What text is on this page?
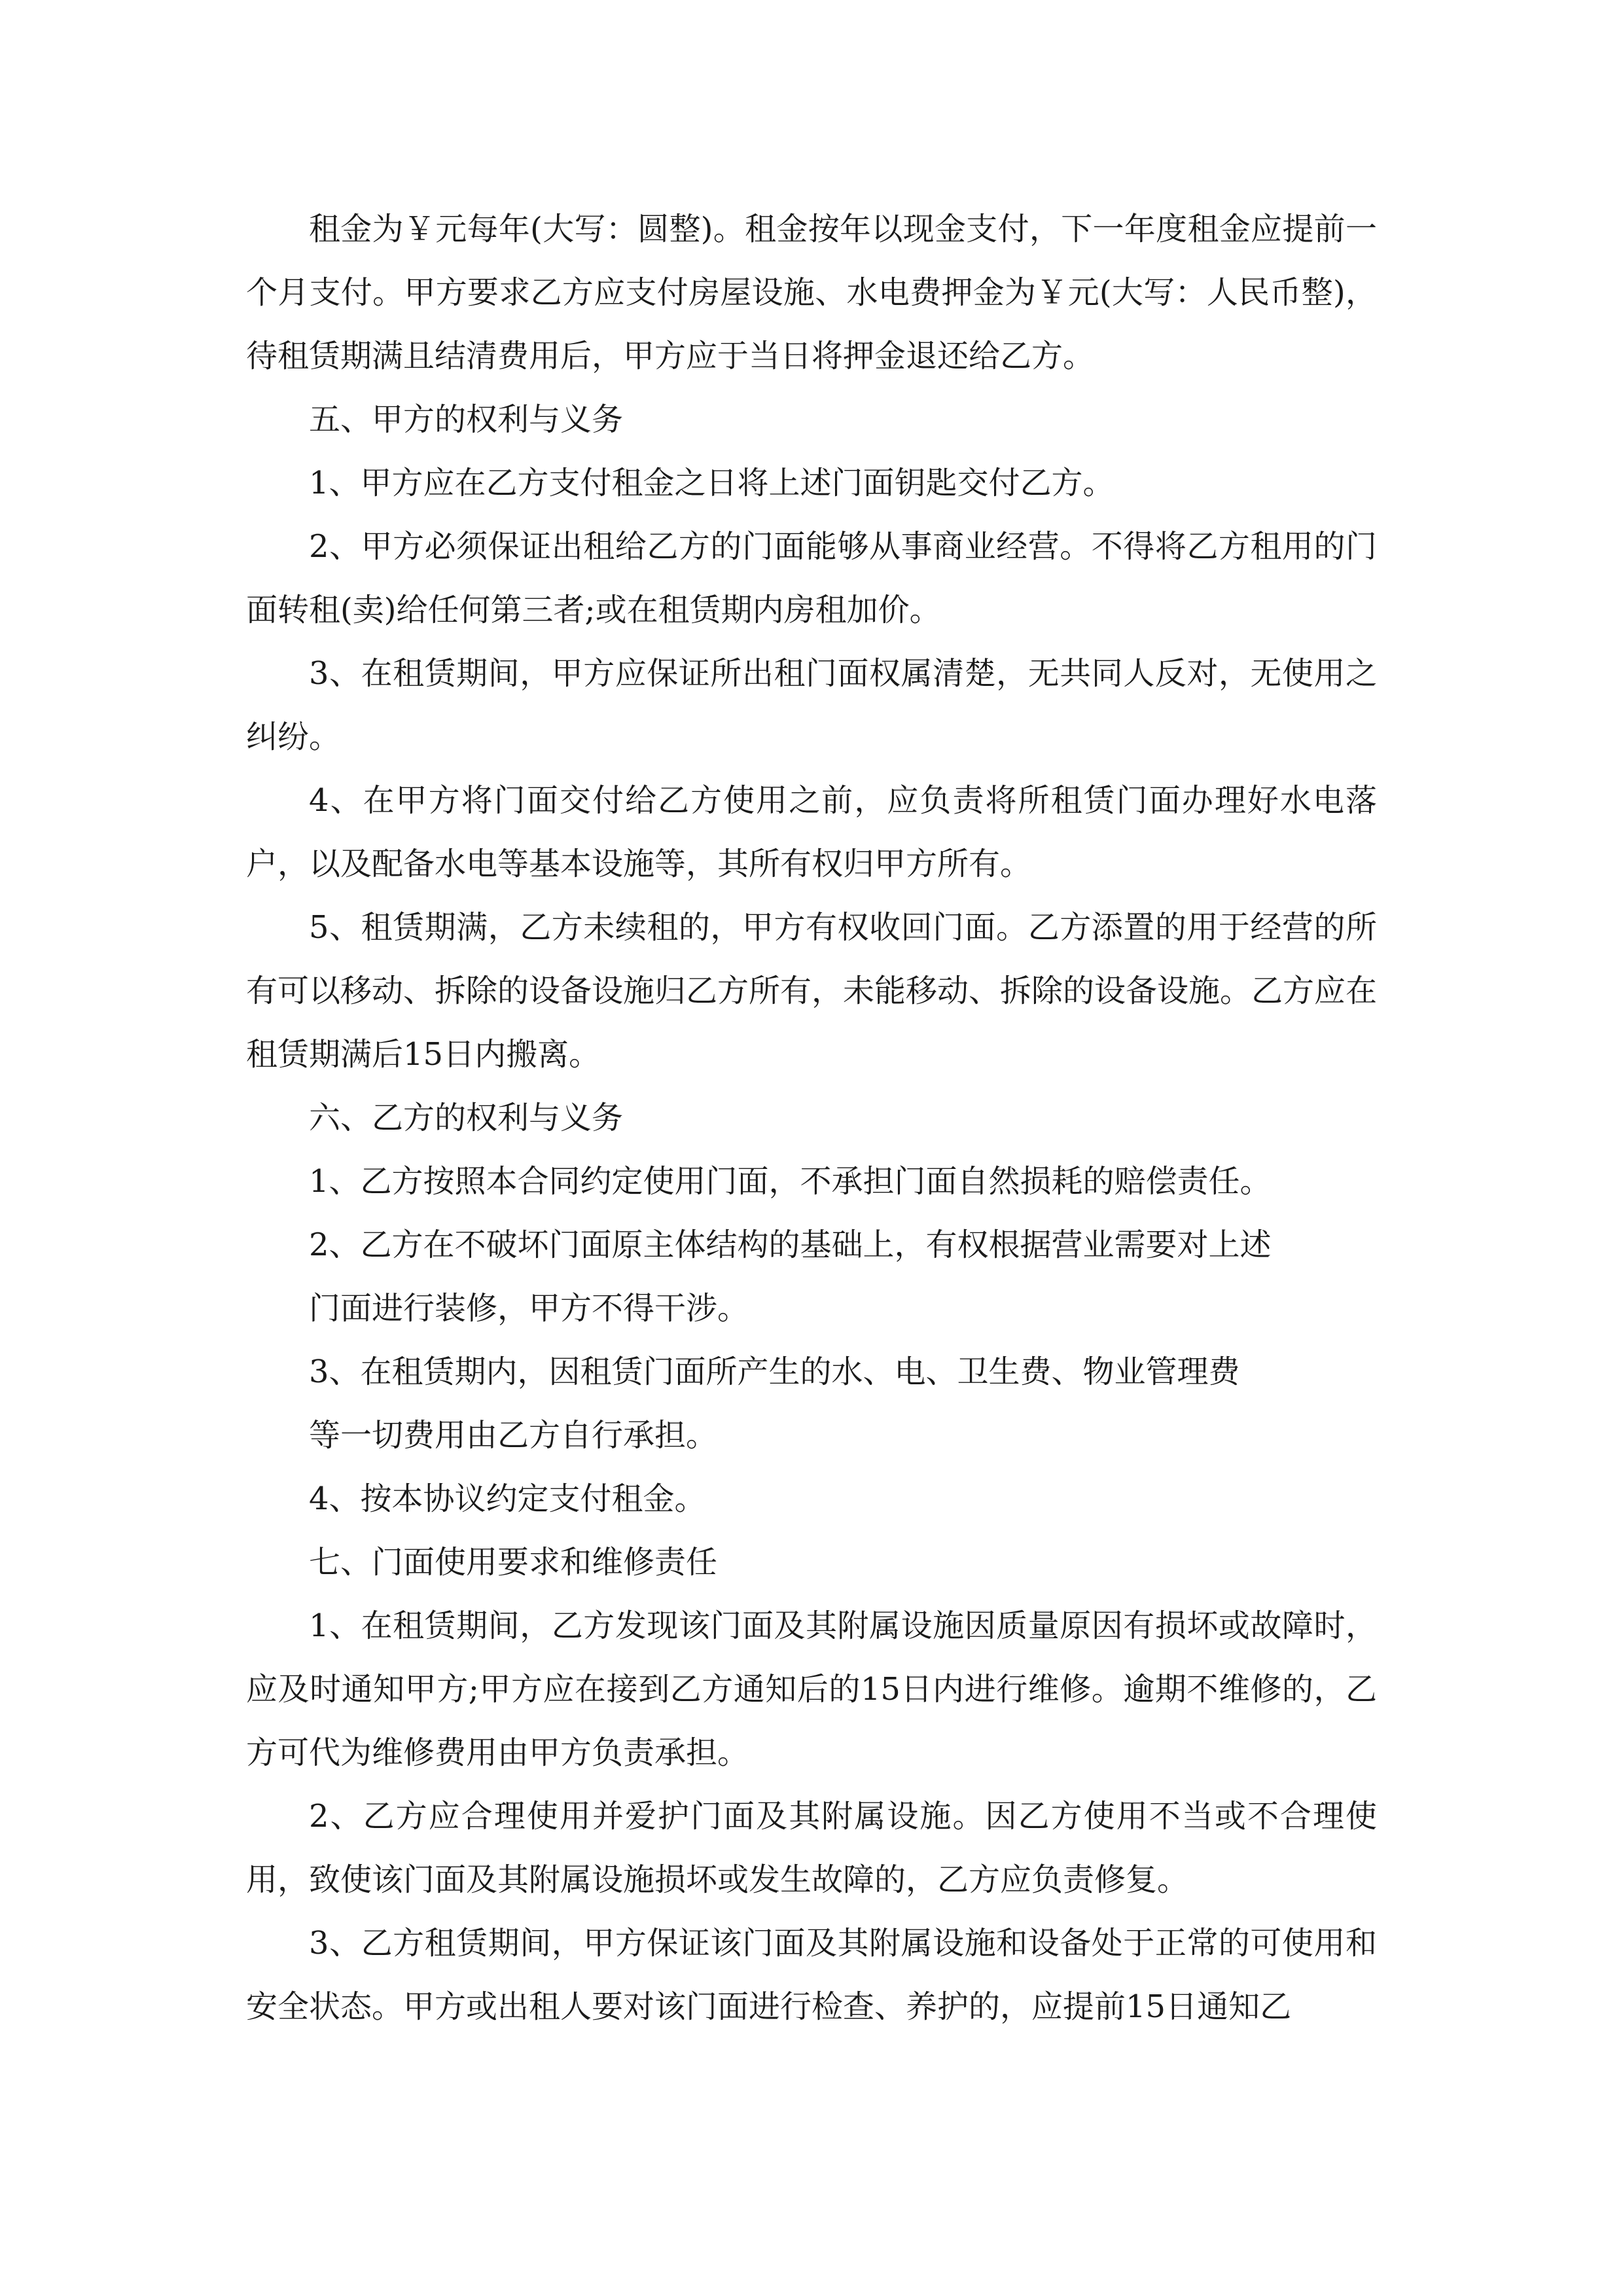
租金为￥元每年(大写：圆整)。租金按年以现金支付，下一年度租金应提前一个月支付。甲方要求乙方应支付房屋设施、水电费押金为￥元(大写：人民币整)，待租赁期满且结清费用后，甲方应于当日将押金退还给乙方。

五、甲方的权利与义务

1、甲方应在乙方支付租金之日将上述门面钥匙交付乙方。

2、甲方必须保证出租给乙方的门面能够从事商业经营。不得将乙方租用的门面转租(卖)给任何第三者;或在租赁期内房租加价。

3、在租赁期间，甲方应保证所出租门面权属清楚，无共同人反对，无使用之纠纷。

4、在甲方将门面交付给乙方使用之前，应负责将所租赁门面办理好水电落户，以及配备水电等基本设施等，其所有权归甲方所有。

5、租赁期满，乙方未续租的，甲方有权收回门面。乙方添置的用于经营的所有可以移动、拆除的设备设施归乙方所有，未能移动、拆除的设备设施。乙方应在租赁期满后15日内搬离。

六、乙方的权利与义务

1、乙方按照本合同约定使用门面，不承担门面自然损耗的赔偿责任。

2、乙方在不破坏门面原主体结构的基础上，有权根据营业需要对上述

门面进行装修，甲方不得干涉。

3、在租赁期内，因租赁门面所产生的水、电、卫生费、物业管理费

等一切费用由乙方自行承担。

4、按本协议约定支付租金。

七、门面使用要求和维修责任

1、在租赁期间，乙方发现该门面及其附属设施因质量原因有损坏或故障时，应及时通知甲方;甲方应在接到乙方通知后的15日内进行维修。逾期不维修的，乙方可代为维修费用由甲方负责承担。

2、乙方应合理使用并爱护门面及其附属设施。因乙方使用不当或不合理使用，致使该门面及其附属设施损坏或发生故障的，乙方应负责修复。

3、乙方租赁期间，甲方保证该门面及其附属设施和设备处于正常的可使用和安全状态。甲方或出租人要对该门面进行检查、养护的，应提前15日通知乙
